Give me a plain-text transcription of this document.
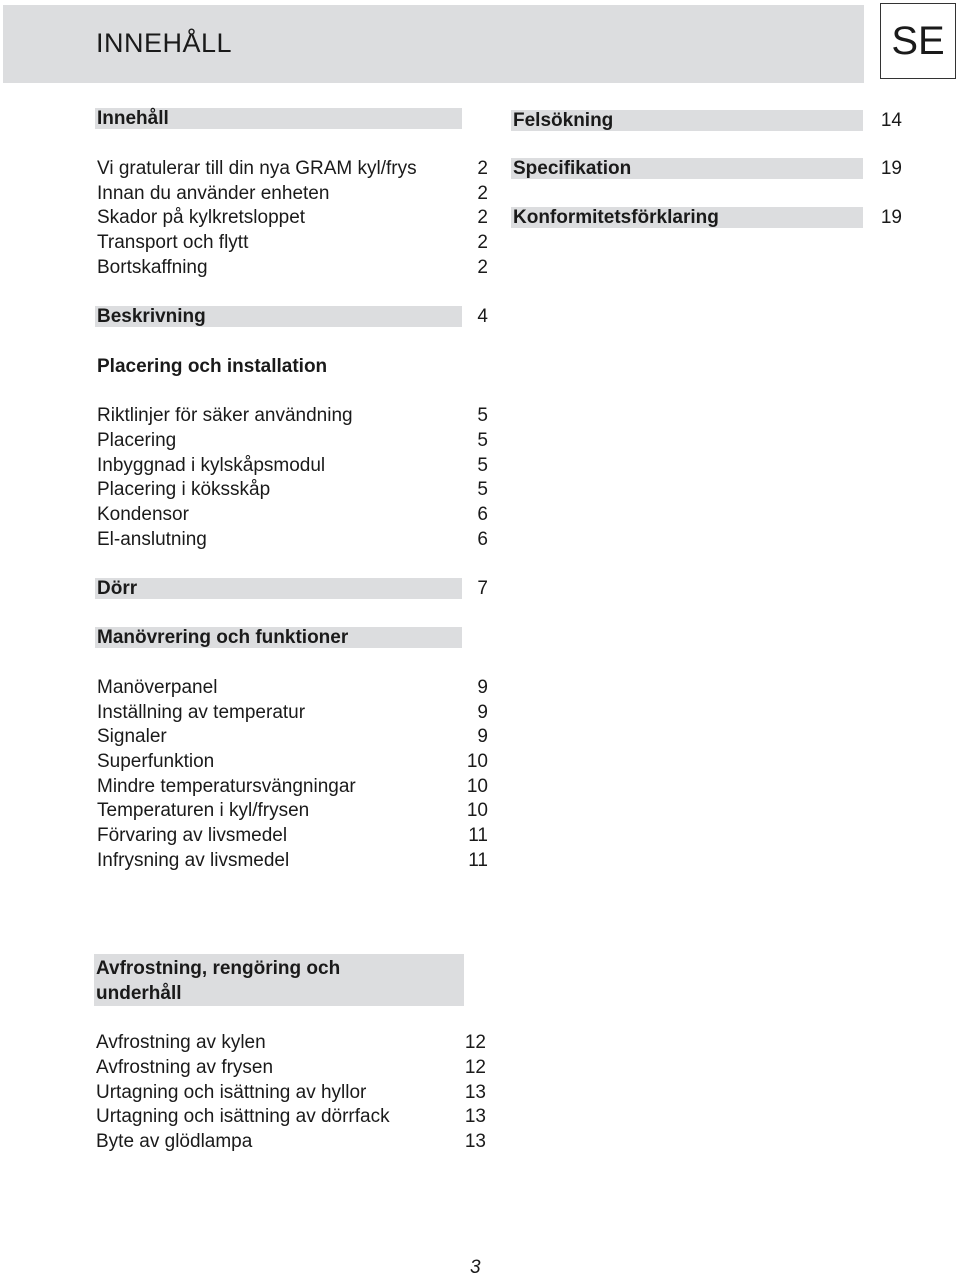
INNEHÅLL	SE
Innehåll
Vi gratulerar till din nya GRAM kyl/frys	2
Innan du använder enheten	2
Skador på kylkretsloppet	2
Transport och flytt	2
Bortskaffning	2
Beskrivning	4
Placering och installation
Riktlinjer för säker användning	5
Placering	5
Inbyggnad i kylskåpsmodul	5
Placering i köksskåp	5
Kondensor	6
El-anslutning	6
Dörr	7
Manövrering och funktioner
Manöverpanel	9
Inställning av temperatur	9
Signaler	9
Superfunktion	10
Mindre temperatursvängningar	10
Temperaturen i kyl/frysen	10
Förvaring av livsmedel	11
Infrysning av livsmedel	11
Avfrostning, rengöring och
underhåll
Avfrostning av kylen	12
Avfrostning av frysen	12
Urtagning och isättning av hyllor	13
Urtagning och isättning av dörrfack	13
Byte av glödlampa	13
Felsökning	14
Specifikation	19
Konformitetsförklaring	19
3
